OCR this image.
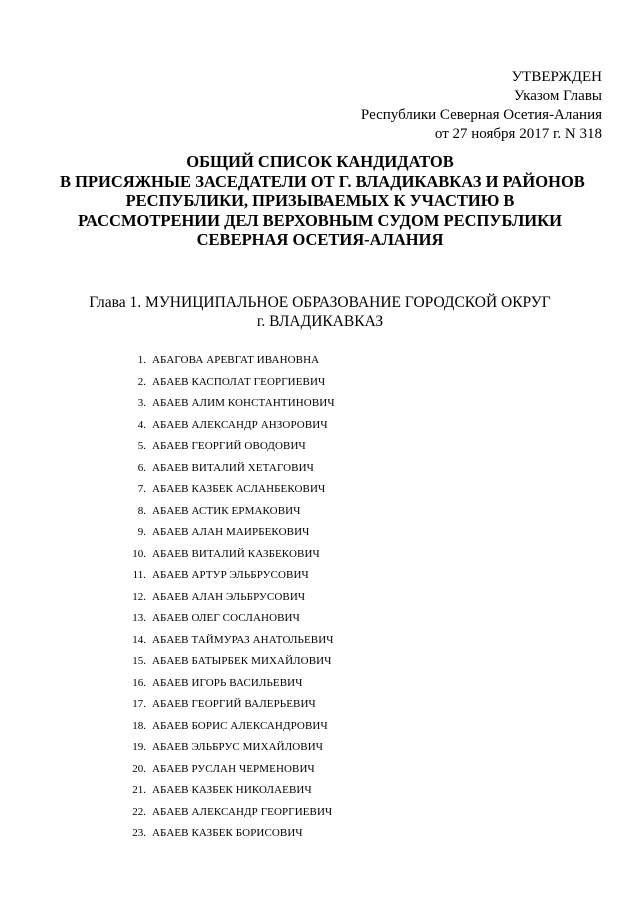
УТВЕРЖДЕН
Указом Главы
Республики Северная Осетия-Алания
от 27 ноября 2017 г. N 318
ОБЩИЙ СПИСОК КАНДИДАТОВ
В ПРИСЯЖНЫЕ ЗАСЕДАТЕЛИ ОТ Г. ВЛАДИКАВКАЗ И РАЙОНОВ
РЕСПУБЛИКИ, ПРИЗЫВАЕМЫХ К УЧАСТИЮ В
РАССМОТРЕНИИ ДЕЛ ВЕРХОВНЫМ СУДОМ РЕСПУБЛИКИ
СЕВЕРНАЯ ОСЕТИЯ-АЛАНИЯ
Глава 1. МУНИЦИПАЛЬНОЕ ОБРАЗОВАНИЕ ГОРОДСКОЙ ОКРУГ
г. ВЛАДИКАВКАЗ
1. АБАГОВА АРЕВГАТ ИВАНОВНА
2. АБАЕВ КАСПОЛАТ ГЕОРГИЕВИЧ
3. АБАЕВ АЛИМ КОНСТАНТИНОВИЧ
4. АБАЕВ АЛЕКСАНДР АНЗОРОВИЧ
5. АБАЕВ ГЕОРГИЙ ОВОДОВИЧ
6. АБАЕВ ВИТАЛИЙ ХЕТАГОВИЧ
7. АБАЕВ КАЗБЕК АСЛАНБЕКОВИЧ
8. АБАЕВ АСТИК ЕРМАКОВИЧ
9. АБАЕВ АЛАН МАИРБЕКОВИЧ
10. АБАЕВ ВИТАЛИЙ КАЗБЕКОВИЧ
11. АБАЕВ АРТУР ЭЛЬБРУСОВИЧ
12. АБАЕВ АЛАН ЭЛЬБРУСОВИЧ
13. АБАЕВ ОЛЕГ СОСЛАНОВИЧ
14. АБАЕВ ТАЙМУРАЗ АНАТОЛЬЕВИЧ
15. АБАЕВ БАТЫРБЕК МИХАЙЛОВИЧ
16. АБАЕВ ИГОРЬ ВАСИЛЬЕВИЧ
17. АБАЕВ ГЕОРГИЙ ВАЛЕРЬЕВИЧ
18. АБАЕВ БОРИС АЛЕКСАНДРОВИЧ
19. АБАЕВ ЭЛЬБРУС МИХАЙЛОВИЧ
20. АБАЕВ РУСЛАН ЧЕРМЕНОВИЧ
21. АБАЕВ КАЗБЕК НИКОЛАЕВИЧ
22. АБАЕВ АЛЕКСАНДР ГЕОРГИЕВИЧ
23. АБАЕВ КАЗБЕК БОРИСОВИЧ
